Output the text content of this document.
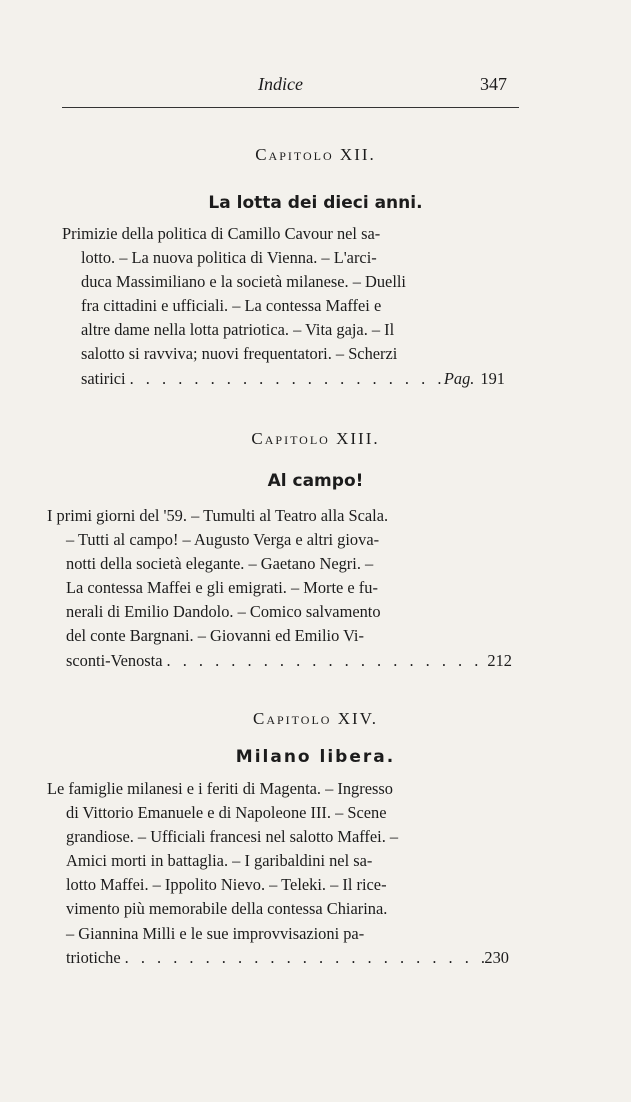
Indice	347
Capitolo XII.
La lotta dei dieci anni.
Primizie della politica di Camillo Cavour nel sa-
lotto. – La nuova politica di Vienna. – L'arci-
duca Massimiliano e la società milanese. – Duelli
fra cittadini e ufficiali. – La contessa Maffei e
altre dame nella lotta patriotica. – Vita gaja. – Il
salotto si ravviva; nuovi frequentatori. – Scherzi
satirici . . .	Pag. 191
Capitolo XIII.
Al campo!
I primi giorni del '59. – Tumulti al Teatro alla Scala.
– Tutti al campo! – Augusto Verga e altri giova-
notti della società elegante. – Gaetano Negri. –
La contessa Maffei e gli emigrati. – Morte e fu-
nerali di Emilio Dandolo. – Comico salvamento
del conte Bargnani. – Giovanni ed Emilio Vi-
sconti-Venosta . . .	212
Capitolo XIV.
Milano libera.
Le famiglie milanesi e i feriti di Magenta. – Ingresso
di Vittorio Emanuele e di Napoleone III. – Scene
grandiose. – Ufficiali francesi nel salotto Maffei. –
Amici morti in battaglia. – I garibaldini nel sa-
lotto Maffei. – Ippolito Nievo. – Teleki. – Il rice-
vimento più memorabile della contessa Chiarina.
– Giannina Milli e le sue improvvisazioni pa-
triotiche . . .	230
